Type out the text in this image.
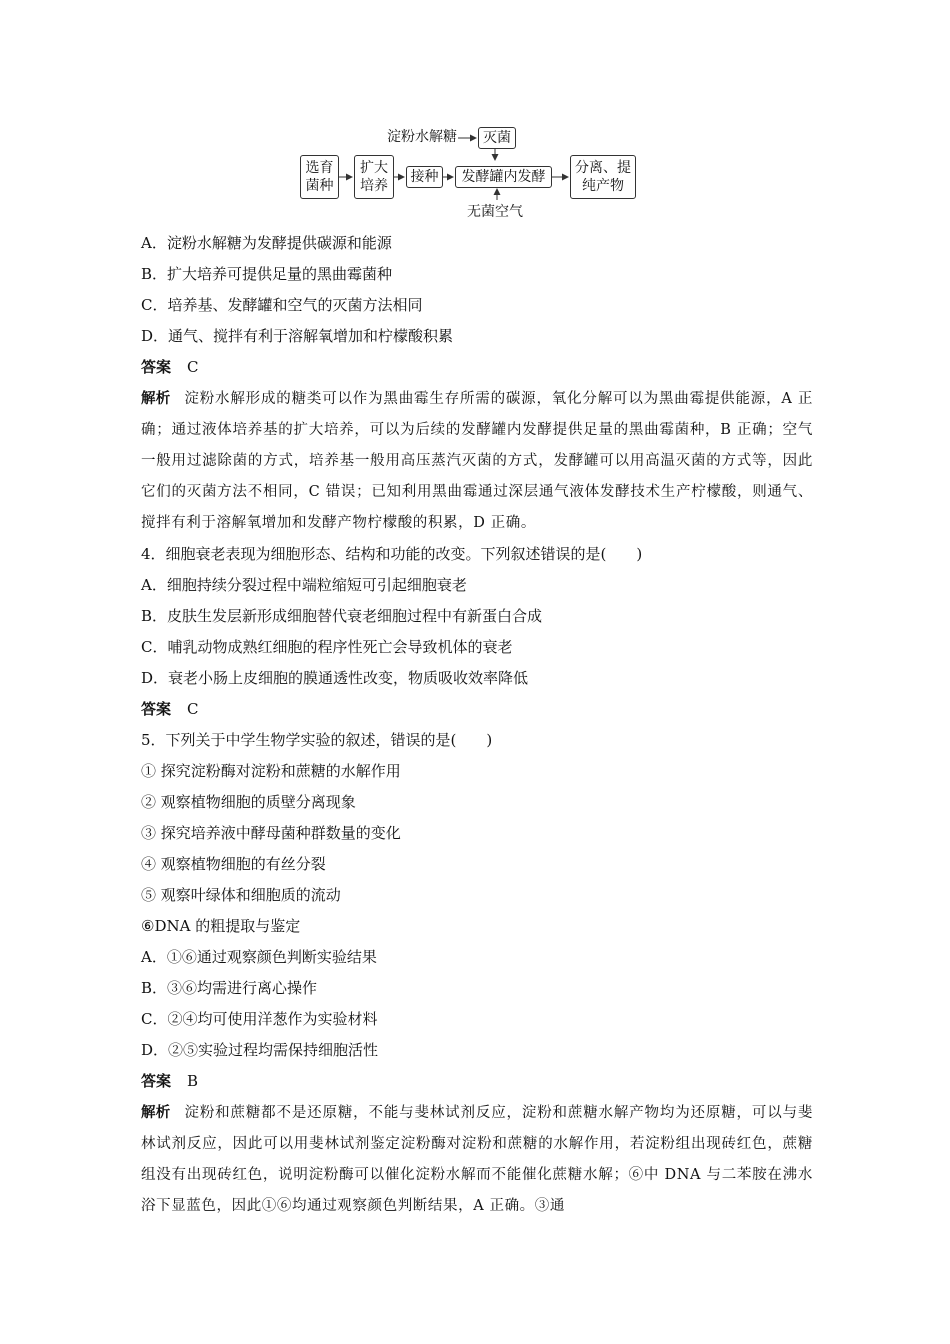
淀粉水解糖	灭菌
选育
菌种
扩大
培养
接种	发酵罐内发酵
分离、提
纯产物
无菌空气
A．淀粉水解糖为发酵提供碳源和能源
B．扩大培养可提供足量的黑曲霉菌种
C．培养基、发酵罐和空气的灭菌方法相同
D．通气、搅拌有利于溶解氧增加和柠檬酸积累
答案 C
解析 淀粉水解形成的糖类可以作为黑曲霉生存所需的碳源，氧化分解可以为黑曲霉提供能源，A 正确；通过液体培养基的扩大培养，可以为后续的发酵罐内发酵提供足量的黑曲霉菌种，B 正确；空气一般用过滤除菌的方式，培养基一般用高压蒸汽灭菌的方式，发酵罐可以用高温灭菌的方式等，因此它们的灭菌方法不相同，C 错误；已知利用黑曲霉通过深层通气液体发酵技术生产柠檬酸，则通气、搅拌有利于溶解氧增加和发酵产物柠檬酸的积累，D 正确。
4．细胞衰老表现为细胞形态、结构和功能的改变。下列叙述错误的是(　　)
A．细胞持续分裂过程中端粒缩短可引起细胞衰老
B．皮肤生发层新形成细胞替代衰老细胞过程中有新蛋白合成
C．哺乳动物成熟红细胞的程序性死亡会导致机体的衰老
D．衰老小肠上皮细胞的膜通透性改变，物质吸收效率降低
答案 C
5．下列关于中学生物学实验的叙述，错误的是(　　)
① 探究淀粉酶对淀粉和蔗糖的水解作用
② 观察植物细胞的质壁分离现象
③ 探究培养液中酵母菌种群数量的变化
④ 观察植物细胞的有丝分裂
⑤ 观察叶绿体和细胞质的流动
⑥DNA 的粗提取与鉴定
A．①⑥通过观察颜色判断实验结果
B．③⑥均需进行离心操作
C．②④均可使用洋葱作为实验材料
D．②⑤实验过程均需保持细胞活性
答案 B
解析 淀粉和蔗糖都不是还原糖，不能与斐林试剂反应，淀粉和蔗糖水解产物均为还原糖，可以与斐林试剂反应，因此可以用斐林试剂鉴定淀粉酶对淀粉和蔗糖的水解作用，若淀粉组出现砖红色，蔗糖组没有出现砖红色，说明淀粉酶可以催化淀粉水解而不能催化蔗糖水解；⑥中 DNA 与二苯胺在沸水浴下显蓝色，因此①⑥均通过观察颜色判断结果，A 正确。③通
